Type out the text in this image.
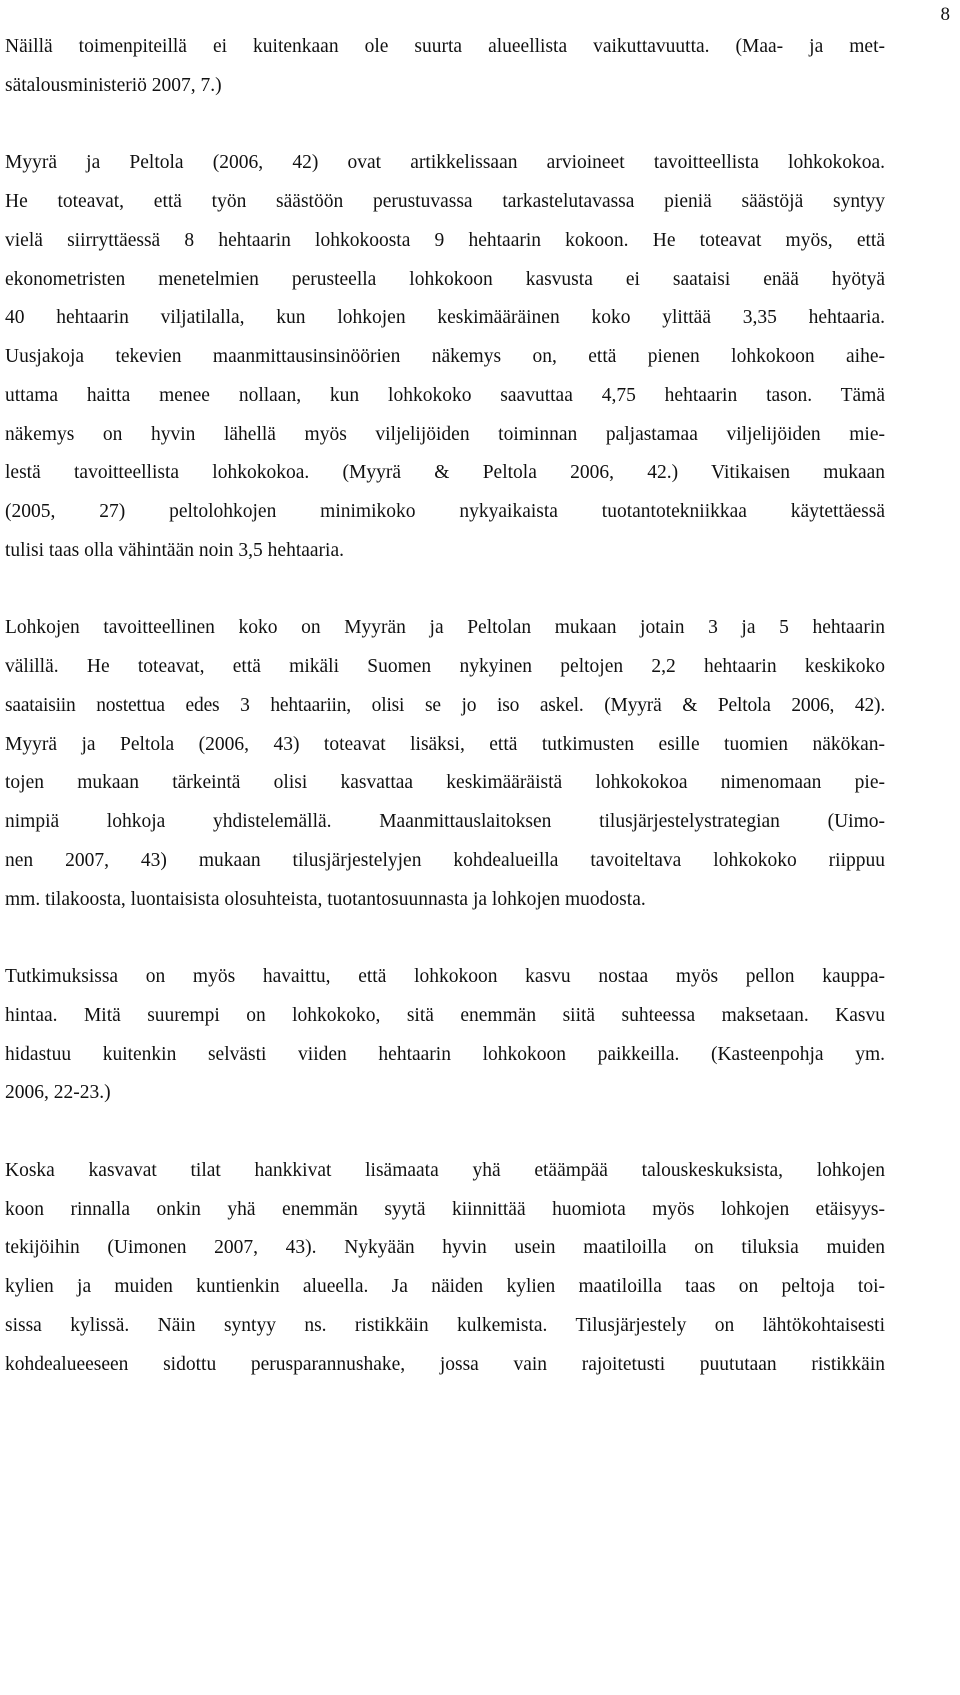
8
Näillä toimenpiteillä ei kuitenkaan ole suurta alueellista vaikuttavuutta. (Maa- ja met-
sätalousministeriö 2007, 7.)
Myyrä ja Peltola (2006, 42) ovat artikkelissaan arvioineet tavoitteellista lohkokokoa.
He toteavat, että työn säästöön perustuvassa tarkastelutavassa pieniä säästöjä syntyy
vielä siirryttäessä 8 hehtaarin lohkokoosta 9 hehtaarin kokoon. He toteavat myös, että
ekonometristen menetelmien perusteella lohkokoon kasvusta ei saataisi enää hyötyä
40 hehtaarin viljatilalla, kun lohkojen keskimääräinen koko ylittää 3,35 hehtaaria.
Uusjakoja tekevien maanmittausinsinöörien näkemys on, että pienen lohkokoon aihe-
uttama haitta menee nollaan, kun lohkokoko saavuttaa 4,75 hehtaarin tason. Tämä
näkemys on hyvin lähellä myös viljelijöiden toiminnan paljastamaa viljelijöiden mie-
lestä tavoitteellista lohkokokoa. (Myyrä & Peltola 2006, 42.) Vitikaisen mukaan
(2005, 27) peltolohkojen minimikoko nykyaikaista tuotantotekniikkaa käytettäessä
tulisi taas olla vähintään noin 3,5 hehtaaria.
Lohkojen tavoitteellinen koko on Myyrän ja Peltolan mukaan jotain 3 ja 5 hehtaarin
välillä. He toteavat, että mikäli Suomen nykyinen peltojen 2,2 hehtaarin keskikoko
saataisiin nostettua edes 3 hehtaariin, olisi se jo iso askel. (Myyrä & Peltola 2006, 42).
Myyrä ja Peltola (2006, 43) toteavat lisäksi, että tutkimusten esille tuomien näkökan-
tojen mukaan tärkeintä olisi kasvattaa keskimääräistä lohkokokoa nimenomaan pie-
nimpiä lohkoja yhdistelemällä. Maanmittauslaitoksen tilusjärjestelystrategian (Uimo-
nen 2007, 43) mukaan tilusjärjestelyjen kohdealueilla tavoiteltava lohkokoko riippuu
mm. tilakoosta, luontaisista olosuhteista, tuotantosuunnasta ja lohkojen muodosta.
Tutkimuksissa on myös havaittu, että lohkokoon kasvu nostaa myös pellon kauppa-
hintaa. Mitä suurempi on lohkokoko, sitä enemmän siitä suhteessa maksetaan. Kasvu
hidastuu kuitenkin selvästi viiden hehtaarin lohkokoon paikkeilla. (Kasteenpohja ym.
2006, 22-23.)
Koska kasvavat tilat hankkivat lisämaata yhä etäämpää talouskeskuksista, lohkojen
koon rinnalla onkin yhä enemmän syytä kiinnittää huomiota myös lohkojen etäisyys-
tekijöihin (Uimonen 2007, 43). Nykyään hyvin usein maatiloilla on tiluksia muiden
kylien ja muiden kuntienkin alueella. Ja näiden kylien maatiloilla taas on peltoja toi-
sissa kylissä. Näin syntyy ns. ristikkäin kulkemista. Tilusjärjestely on lähtökohtaisesti
kohdealueeseen sidottu perusparannushake, jossa vain rajoitetusti puututaan ristikkäin
